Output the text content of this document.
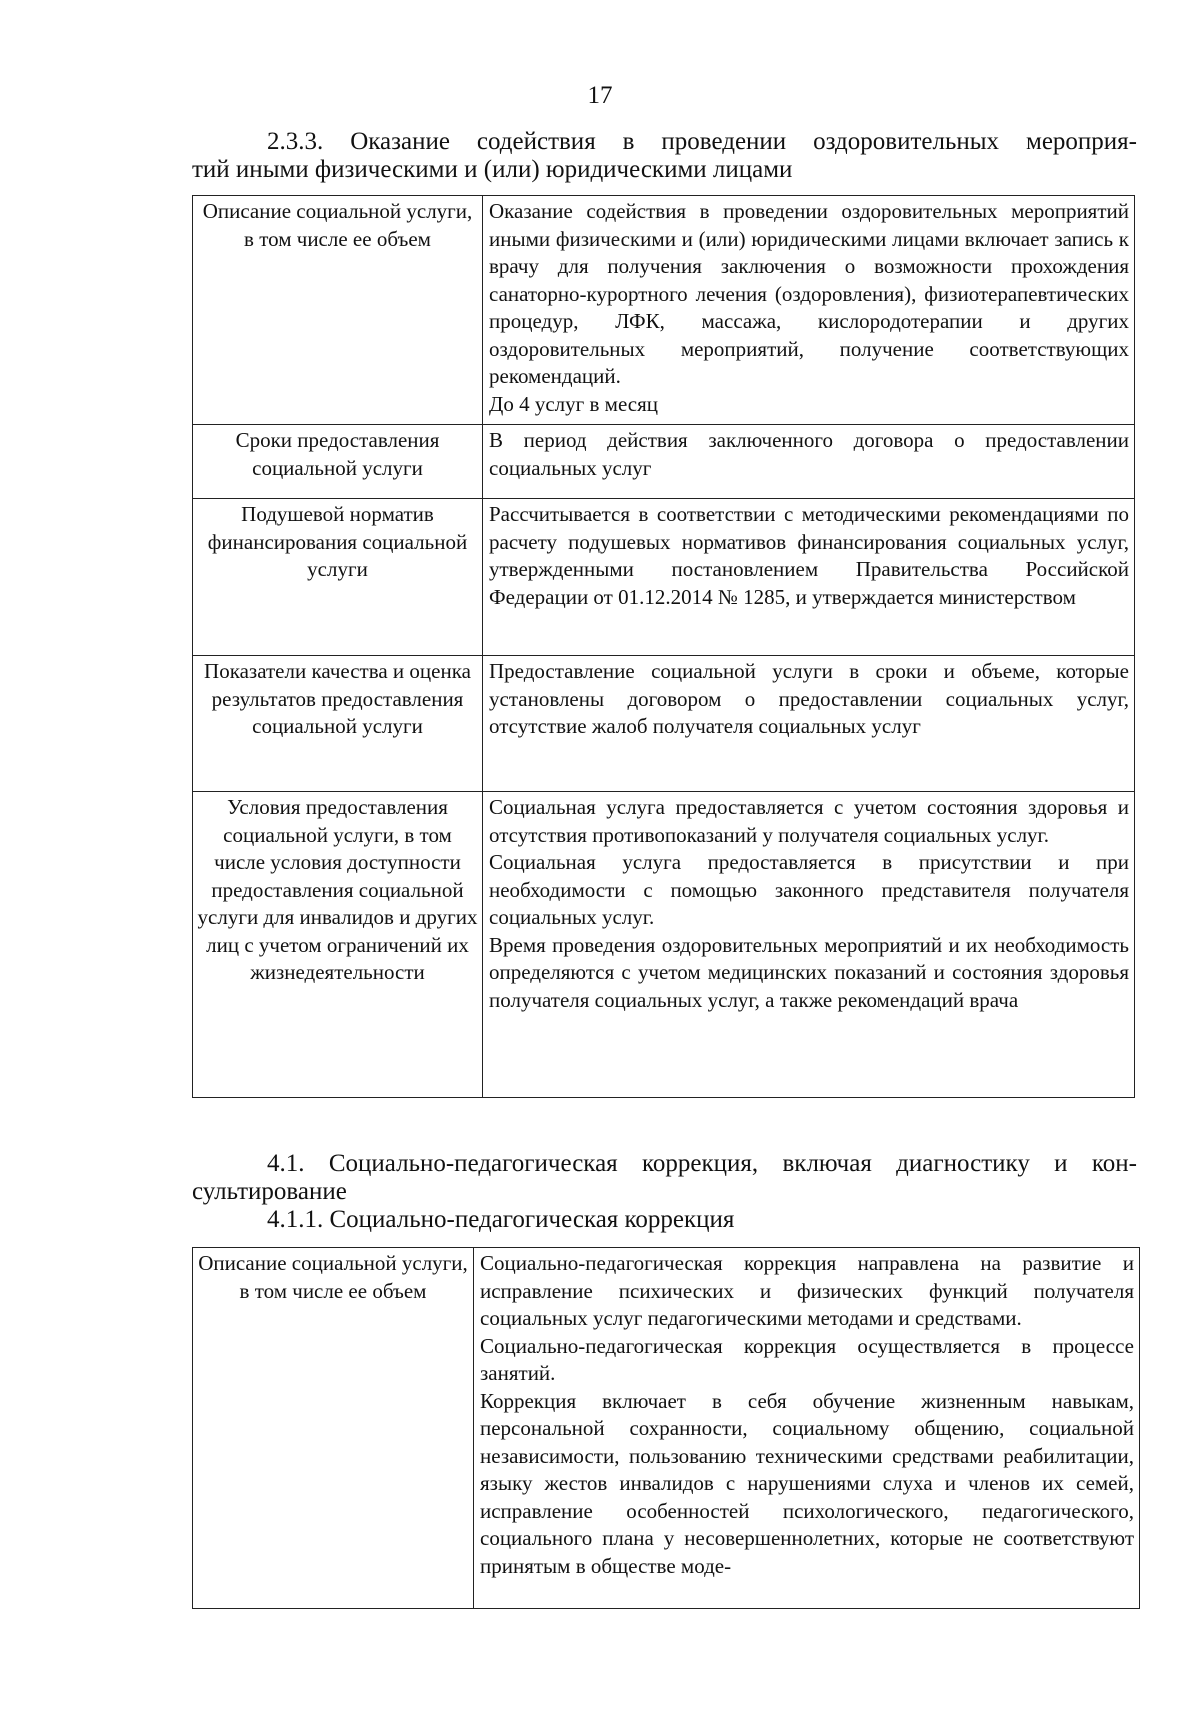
17
2.3.3. Оказание содействия в проведении оздоровительных мероприя-
тий иными физическими и (или) юридическими лицами
Описание социальной услуги, в том числе ее объем	Оказание содействия в проведении оздоровительных мероприятий иными физическими и (или) юридическими лицами включает запись к врачу для получения заключения о возможности прохождения санаторно-курортного лечения (оздоровления), физиотерапевтических процедур, ЛФК, массажа, кислородотерапии и других оздоровительных мероприятий, получение соответствующих рекомендаций.

До 4 услуг в месяц

Сроки предоставления социальной услуги	В период действия заключенного договора о предоставлении социальных услуг

Подушевой норматив финансирования социальной услуги	Рассчитывается в соответствии с методическими рекомендациями по расчету подушевых нормативов финансирования социальных услуг, утвержденными постановлением Правительства Российской Федерации от 01.12.2014 № 1285, и утверждается министерством

Показатели качества и оценка результатов предоставления социальной услуги	Предоставление социальной услуги в сроки и объеме, которые установлены договором о предоставлении социальных услуг, отсутствие жалоб получателя социальных услуг

Условия предоставления социальной услуги, в том числе условия доступности предоставления социальной услуги для инвалидов и других лиц с учетом ограничений их жизнедеятельности	Социальная услуга предоставляется с учетом состояния здоровья и отсутствия противопоказаний у получателя социальных услуг.

Социальная услуга предоставляется в присутствии и при необходимости с помощью законного представителя получателя социальных услуг.

Время проведения оздоровительных мероприятий и их необходимость определяются с учетом медицинских показаний и состояния здоровья получателя социальных услуг, а также рекомендаций врача

4.1. Социально-педагогическая коррекция, включая диагностику и кон-
сультирование
4.1.1. Социально-педагогическая коррекция
Описание социальной услуги, в том числе ее объем	

Социально-педагогическая коррекция направлена на развитие и исправление психических и физических функций получателя социальных услуг педагогическими методами и средствами.

Социально-педагогическая коррекция осуществляется в процессе занятий.

Коррекция включает в себя обучение жизненным навыкам, персональной сохранности, социальному общению, социальной независимости, пользованию техническими средствами реабилитации, языку жестов инвалидов с нарушениями слуха и членов их семей, исправление особенностей психологического, педагогического, социального плана у несовершеннолетних, которые не соответствуют принятым в обществе моде-
